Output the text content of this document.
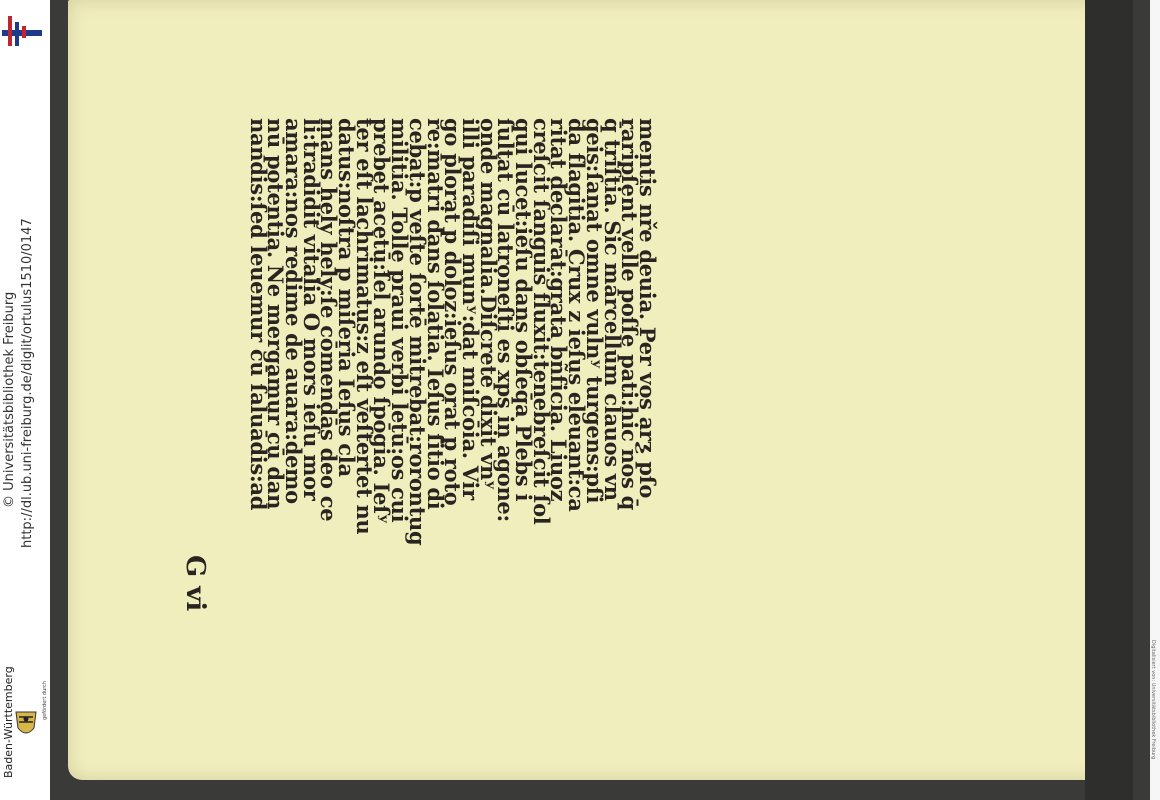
http://dl.ub.uni-freiburg.de/diglit/ortulus1510/0147
© Universitätsbibliothek Freiburg
gefördert durch
Baden-Württemberg	Digitalisiert von: Universitätsbibliothek Freiburg
mentis nře deuia. Per vos arƺ pſo
raripſent velle poſſe pati:hic nos q̄
q̄ triſtia. Sic marcellum clauos vn
geis:ſanat omne vulnʸ turgens:pſi
da flagitia. Crux z ieſus eleuant:ca
ritat declarāt:grata bñficia. Liuoz
creſcit ſanguis fluxit:tenebreſcit ſol
qui lucet:ieſu dans obſeq̄a Plebs i
ſultat cū latroneſti es xps in agone:
onde magnalia.Diſcrete dixit vnʸ
illi paradiſi munʸ:dat miſcōia. Vir
go plorat p doloz:ieſus orat p roto
re:matri dans ſolatia. Ieſus ſitio di
cebat:p veſte ſortē mitrebat:rorontug
militia. Tolle praui verbi letū:os cui
prebet acetū:ſel arundo ſpōgia. Ieſʸ
ter eſt lachrimatus:z eſt veſtertet nu
datus:noſtra p miſeria Ieſus cla
mans hely hely:ſe cōmendās deo ce
li:tradidit vitalia O mors ieſu mor
amara:nos redime de auara:demo
nū potentia. Ne mergamur cū dan
nandis:ſed leuemur cū ſaluādis:ad
G vi
